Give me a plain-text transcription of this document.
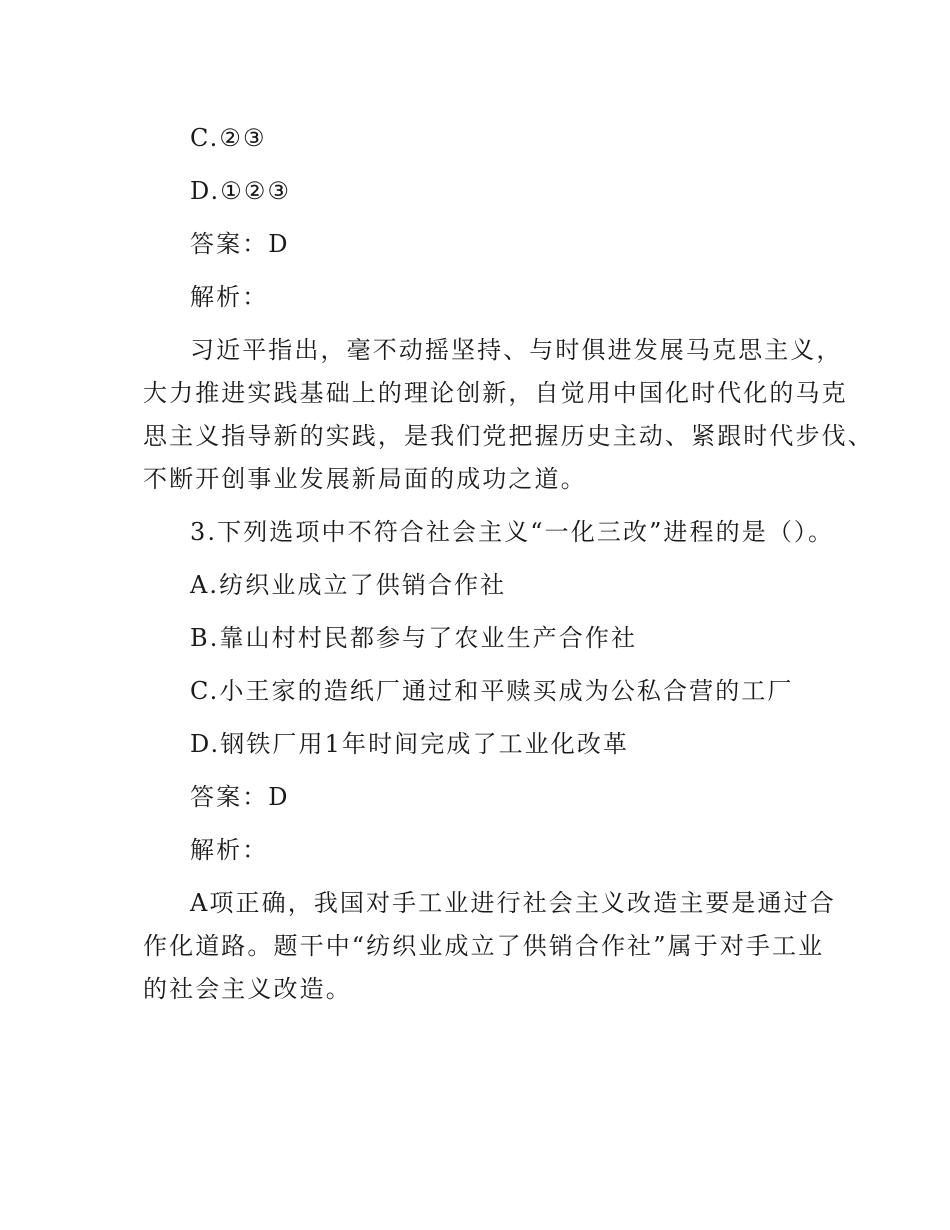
C.②③
D.①②③
答案：D
解析：
习近平指出，毫不动摇坚持、与时俱进发展马克思主义，
大力推进实践基础上的理论创新，自觉用中国化时代化的马克
思主义指导新的实践，是我们党把握历史主动、紧跟时代步伐、
不断开创事业发展新局面的成功之道。
3.下列选项中不符合社会主义“一化三改”进程的是（）。
A.纺织业成立了供销合作社
B.靠山村村民都参与了农业生产合作社
C.小王家的造纸厂通过和平赎买成为公私合营的工厂
D.钢铁厂用1年时间完成了工业化改革
答案：D
解析：
A项正确，我国对手工业进行社会主义改造主要是通过合
作化道路。题干中“纺织业成立了供销合作社”属于对手工业
的社会主义改造。
